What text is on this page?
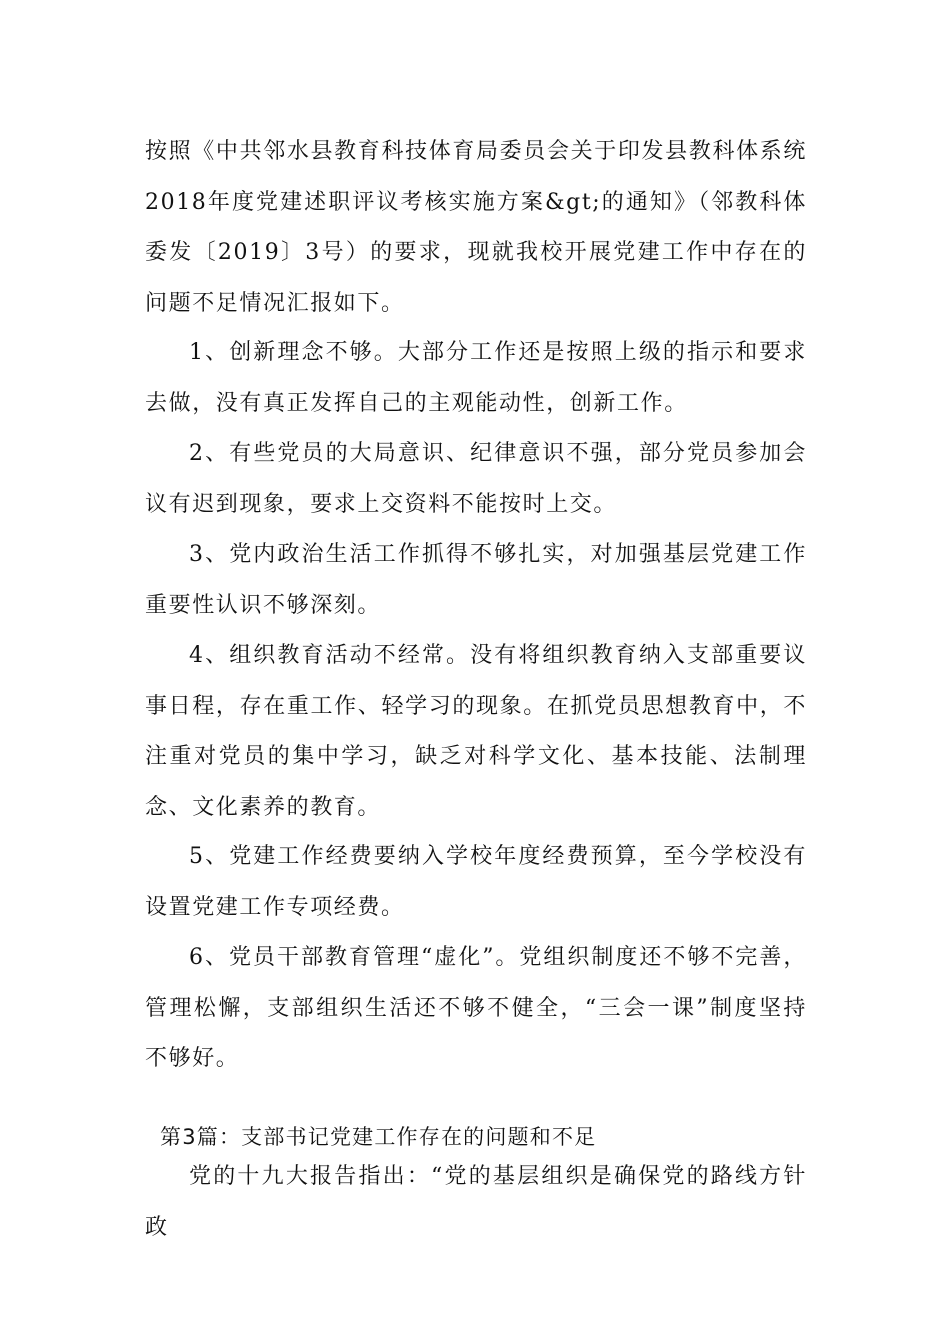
按照《中共邻水县教育科技体育局委员会关于印发县教科体系统2018年度党建述职评议考核实施方案&gt;的通知》（邻教科体委发〔2019〕3号）的要求，现就我校开展党建工作中存在的问题不足情况汇报如下。

1、创新理念不够。大部分工作还是按照上级的指示和要求去做，没有真正发挥自己的主观能动性，创新工作。

2、有些党员的大局意识、纪律意识不强，部分党员参加会议有迟到现象，要求上交资料不能按时上交。

3、党内政治生活工作抓得不够扎实，对加强基层党建工作重要性认识不够深刻。

4、组织教育活动不经常。没有将组织教育纳入支部重要议事日程，存在重工作、轻学习的现象。在抓党员思想教育中，不注重对党员的集中学习，缺乏对科学文化、基本技能、法制理念、文化素养的教育。

5、党建工作经费要纳入学校年度经费预算，至今学校没有设置党建工作专项经费。

6、党员干部教育管理“虚化”。党组织制度还不够不完善，管理松懈，支部组织生活还不够不健全，“三会一课”制度坚持不够好。

第3篇：支部书记党建工作存在的问题和不足

党的十九大报告指出：“党的基层组织是确保党的路线方针政
